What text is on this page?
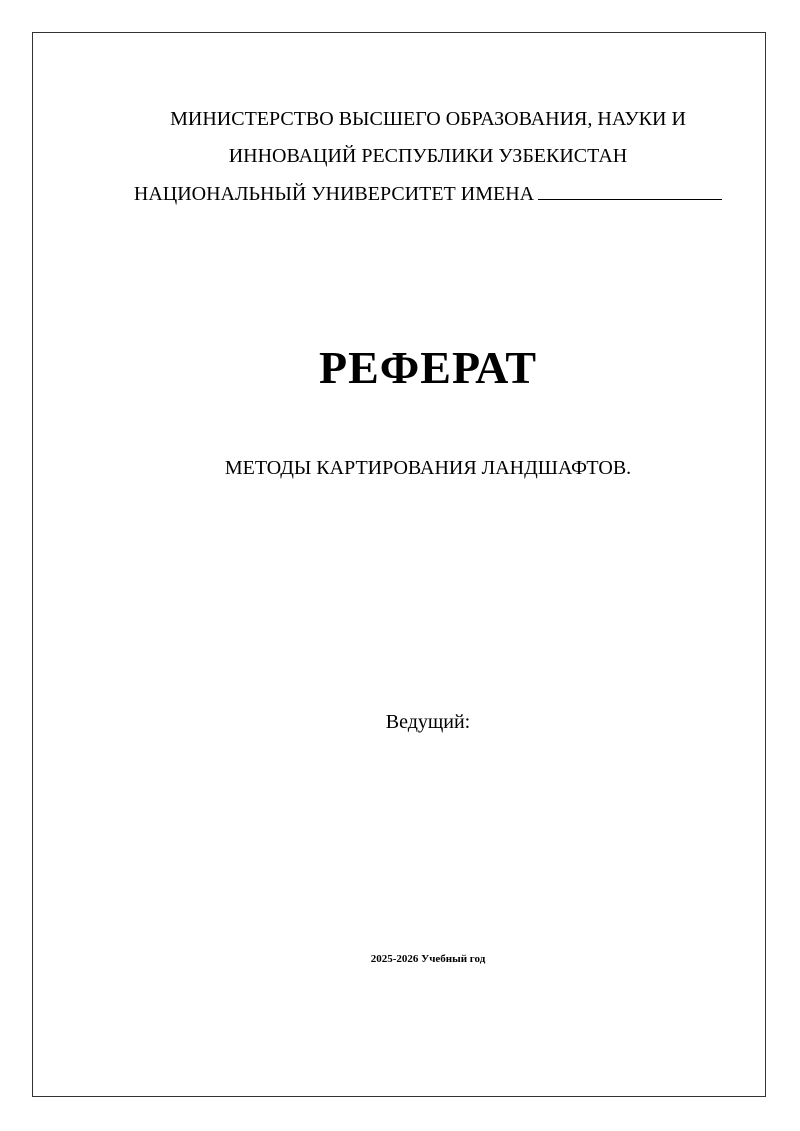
МИНИСТЕРСТВО ВЫСШЕГО ОБРАЗОВАНИЯ, НАУКИ И
ИННОВАЦИЙ РЕСПУБЛИКИ УЗБЕКИСТАН
НАЦИОНАЛЬНЫЙ УНИВЕРСИТЕТ ИМЕНА
РЕФЕРАТ
МЕТОДЫ КАРТИРОВАНИЯ ЛАНДШАФТОВ.
Ведущий:
2025-2026 Учебный год
